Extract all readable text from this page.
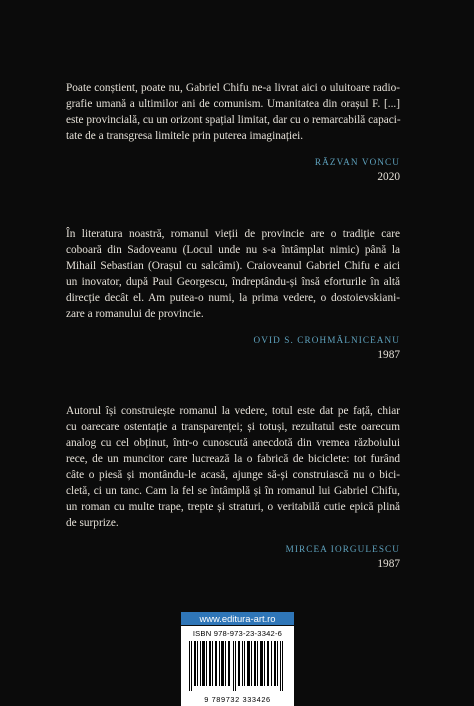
Poate conștient, poate nu, Gabriel Chifu ne-a livrat aici o uluitoare radio-
grafie umană a ultimilor ani de comunism. Umanitatea din orașul F. [...]
este provincială, cu un orizont spațial limitat, dar cu o remarcabilă capaci-
tate de a transgresa limitele prin puterea imaginației.

RĂZVAN VONCU

2020

În literatura noastră, romanul vieții de provincie are o tradiție care
coboară din Sadoveanu (Locul unde nu s-a întâmplat nimic) până la
Mihail Sebastian (Orașul cu salcâmi). Craioveanul Gabriel Chifu e aici
un inovator, după Paul Georgescu, îndreptându-și însă eforturile în altă
direcție decât el. Am putea-o numi, la prima vedere, o dostoievskiani-
zare a romanului de provincie.

OVID S. CROHMĂLNICEANU

1987

Autorul își construiește romanul la vedere, totul este dat pe față, chiar
cu oarecare ostentație a transparenței; și totuși, rezultatul este oarecum
analog cu cel obținut, într-o cunoscută anecdotă din vremea războiului
rece, de un muncitor care lucrează la o fabrică de biciclete: tot furând
câte o piesă și montându-le acasă, ajunge să-și construiască nu o bici-
cletă, ci un tanc. Cam la fel se întâmplă și în romanul lui Gabriel Chifu,
un roman cu multe trape, trepte și straturi, o veritabilă cutie epică plină
de surprize.

MIRCEA IORGULESCU

1987

www.editura-art.ro
ISBN 978-973-23-3342-6
9 789732 333426
